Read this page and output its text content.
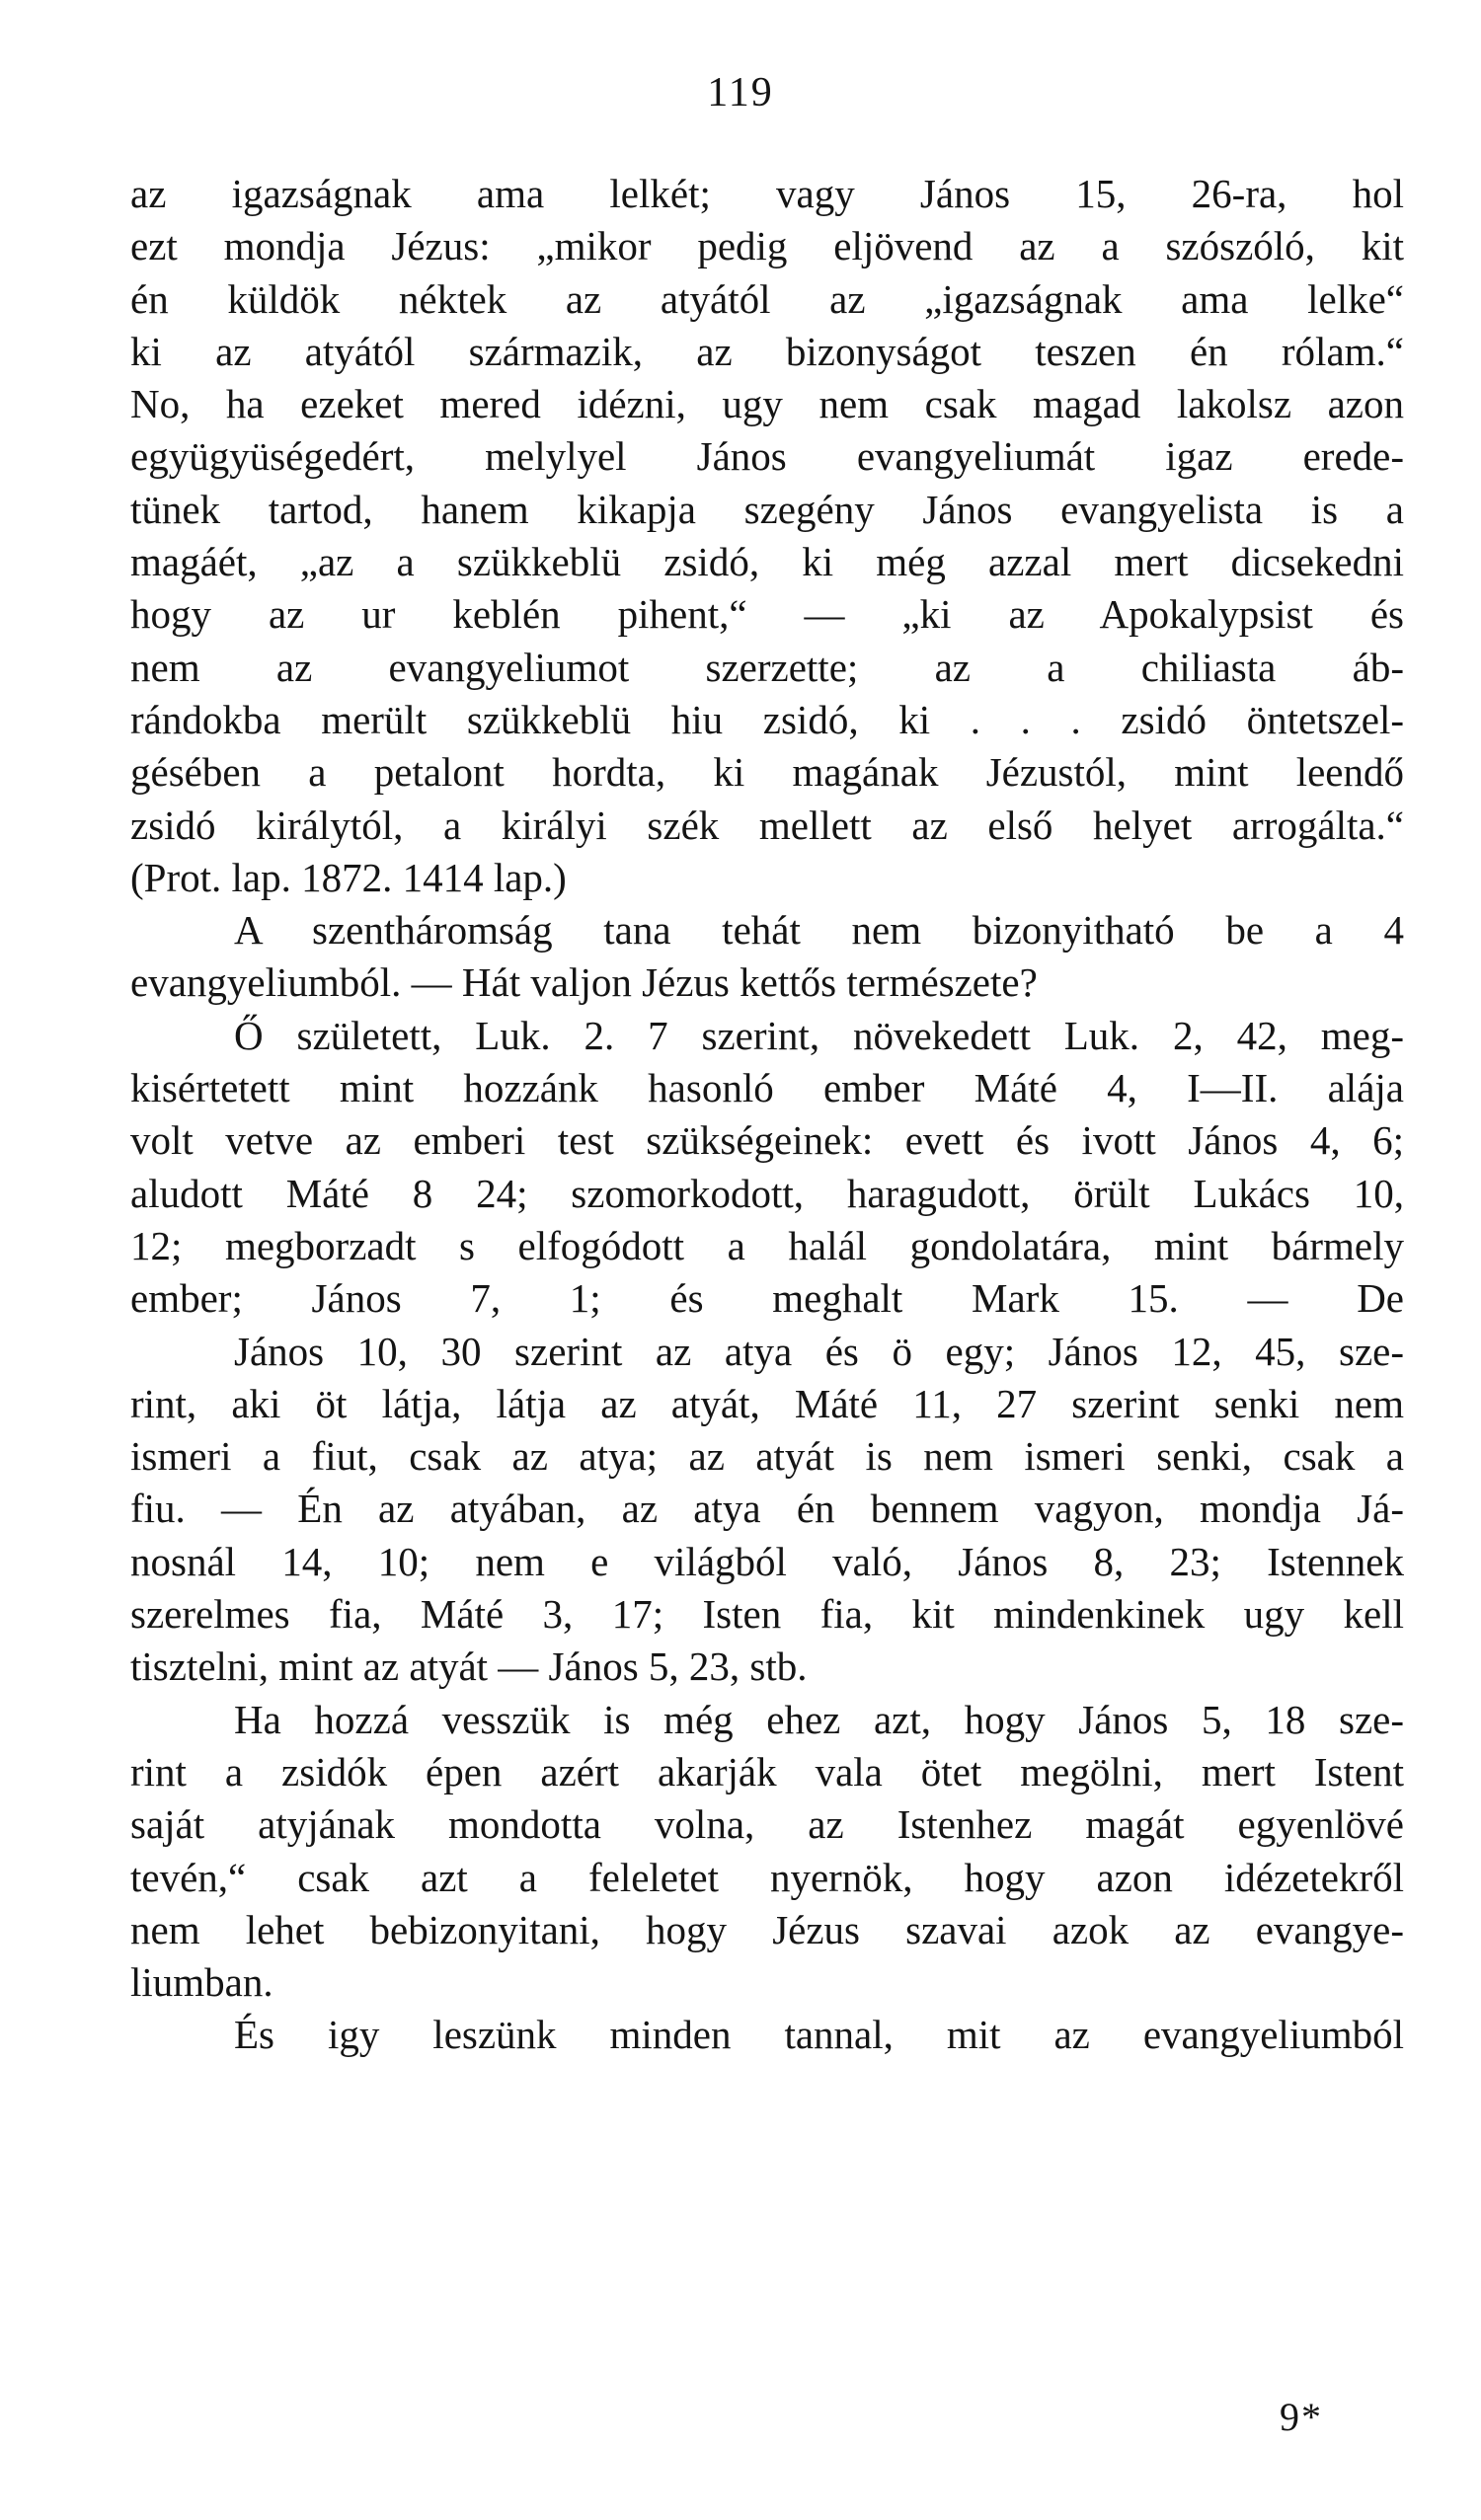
119
az igazságnak ama lelkét; vagy János 15, 26-ra, hol
ezt mondja Jézus: „mikor pedig eljövend az a szószóló, kit
én küldök néktek az atyától az „igazságnak ama lelke“
ki az atyától származik, az bizonyságot teszen én rólam.“
No, ha ezeket mered idézni, ugy nem csak magad lakolsz azon
együgyüségedért, melylyel János evangyeliumát igaz erede-
tünek tartod, hanem kikapja szegény János evangyelista is a
magáét, „az a szükkeblü zsidó, ki még azzal mert dicsekedni
hogy az ur keblén pihent,“ — „ki az Apokalypsist és
nem az evangyeliumot szerzette; az a chiliasta áb-
rándokba merült szükkeblü hiu zsidó, ki . . . zsidó öntetszel-
gésében a petalont hordta, ki magának Jézustól, mint leendő
zsidó királytól, a királyi szék mellett az első helyet arrogálta.“
(Prot. lap. 1872. 1414 lap.)
A szentháromság tana tehát nem bizonyitható be a 4
evangyeliumból. — Hát valjon Jézus kettős természete?
Ő született, Luk. 2. 7 szerint, növekedett Luk. 2, 42, meg-
kisértetett mint hozzánk hasonló ember Máté 4, I—II. alája
volt vetve az emberi test szükségeinek: evett és ivott János 4, 6;
aludott Máté 8 24; szomorkodott, haragudott, örült Lukács 10,
12; megborzadt s elfogódott a halál gondolatára, mint bármely
ember; János 7, 1; és meghalt Mark 15. — De
János 10, 30 szerint az atya és ö egy; János 12, 45, sze-
rint, aki öt látja, látja az atyát, Máté 11, 27 szerint senki nem
ismeri a fiut, csak az atya; az atyát is nem ismeri senki, csak a
fiu. — Én az atyában, az atya én bennem vagyon, mondja Já-
nosnál 14, 10; nem e világból való, János 8, 23; Istennek
szerelmes fia, Máté 3, 17; Isten fia, kit mindenkinek ugy kell
tisztelni, mint az atyát — János 5, 23, stb.
Ha hozzá vesszük is még ehez azt, hogy János 5, 18 sze-
rint a zsidók épen azért akarják vala ötet megölni, mert Istent
saját atyjának mondotta volna, az Istenhez magát egyenlövé
tevén,“ csak azt a feleletet nyernök, hogy azon idézetekről
nem lehet bebizonyitani, hogy Jézus szavai azok az evangye-
liumban.
És igy leszünk minden tannal, mit az evangyeliumból
9*
